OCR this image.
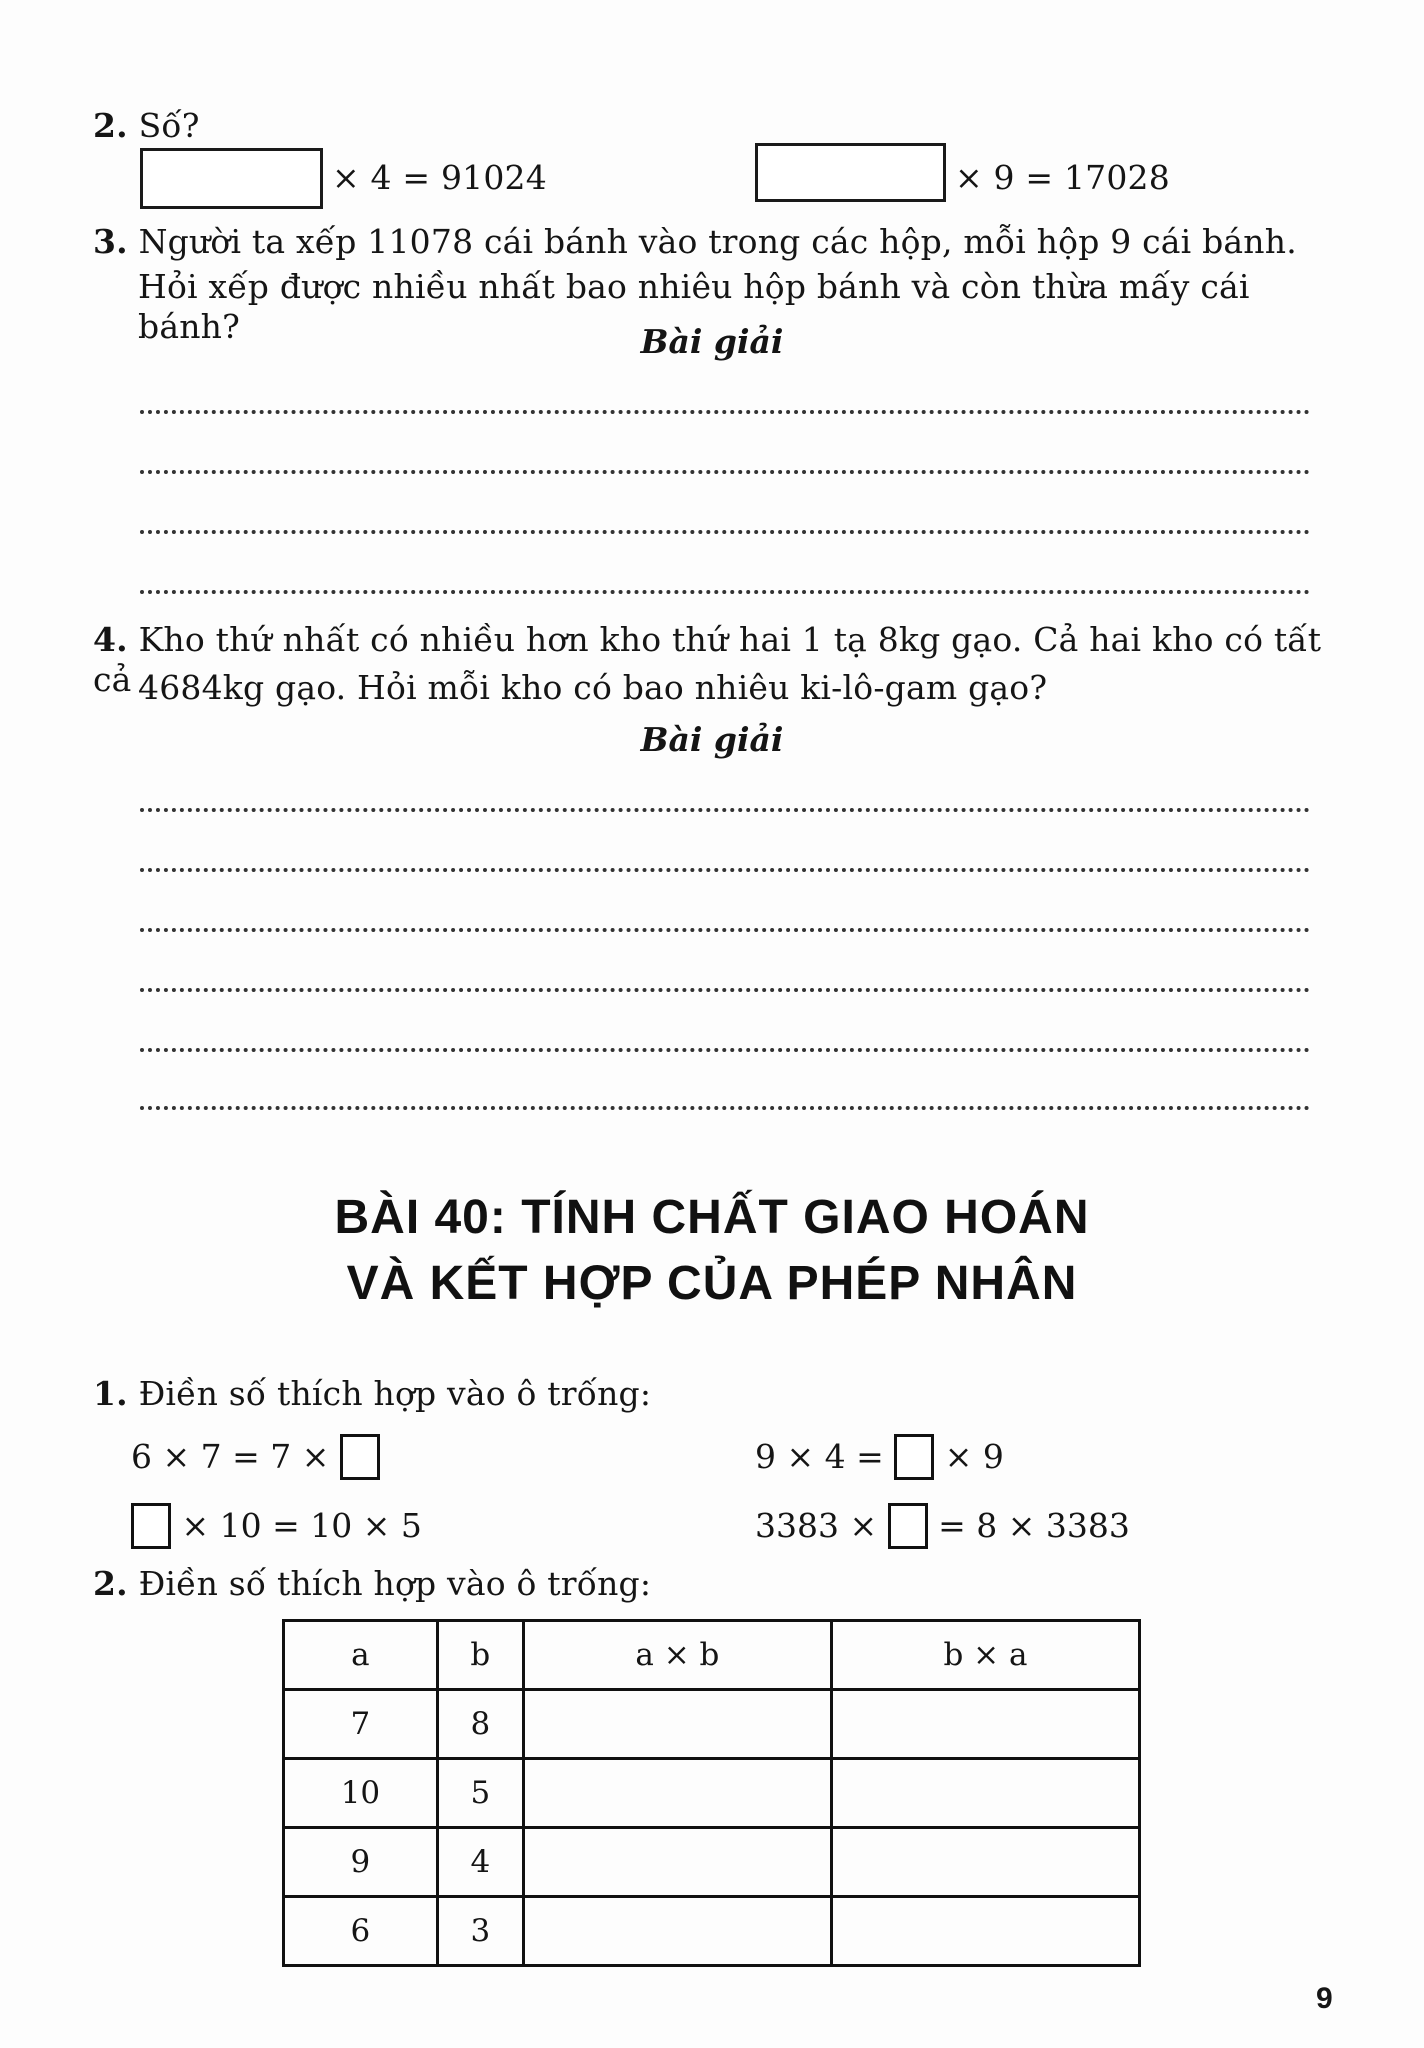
2. Số?
× 4 = 91024	× 9 = 17028
3. Người ta xếp 11078 cái bánh vào trong các hộp, mỗi hộp 9 cái bánh.
Hỏi xếp được nhiều nhất bao nhiêu hộp bánh và còn thừa mấy cái bánh?	Bài giải
4. Kho thứ nhất có nhiều hơn kho thứ hai 1 tạ 8kg gạo. Cả hai kho có tất cả 4684kg gạo. Hỏi mỗi kho có bao nhiêu ki-lô-gam gạo?
Bài giải
BÀI 40: TÍNH CHẤT GIAO HOÁN
VÀ KẾT HỢP CỦA PHÉP NHÂN
1. Điền số thích hợp vào ô trống:
6 × 7 = 7 ×	9 × 4 = × 9
× 10 = 10 × 5	3383 × = 8 × 3383
2. Điền số thích hợp vào ô trống:
a	b	a × b	b × a
7	8		
10	5		
9	4		
6	3		
9
